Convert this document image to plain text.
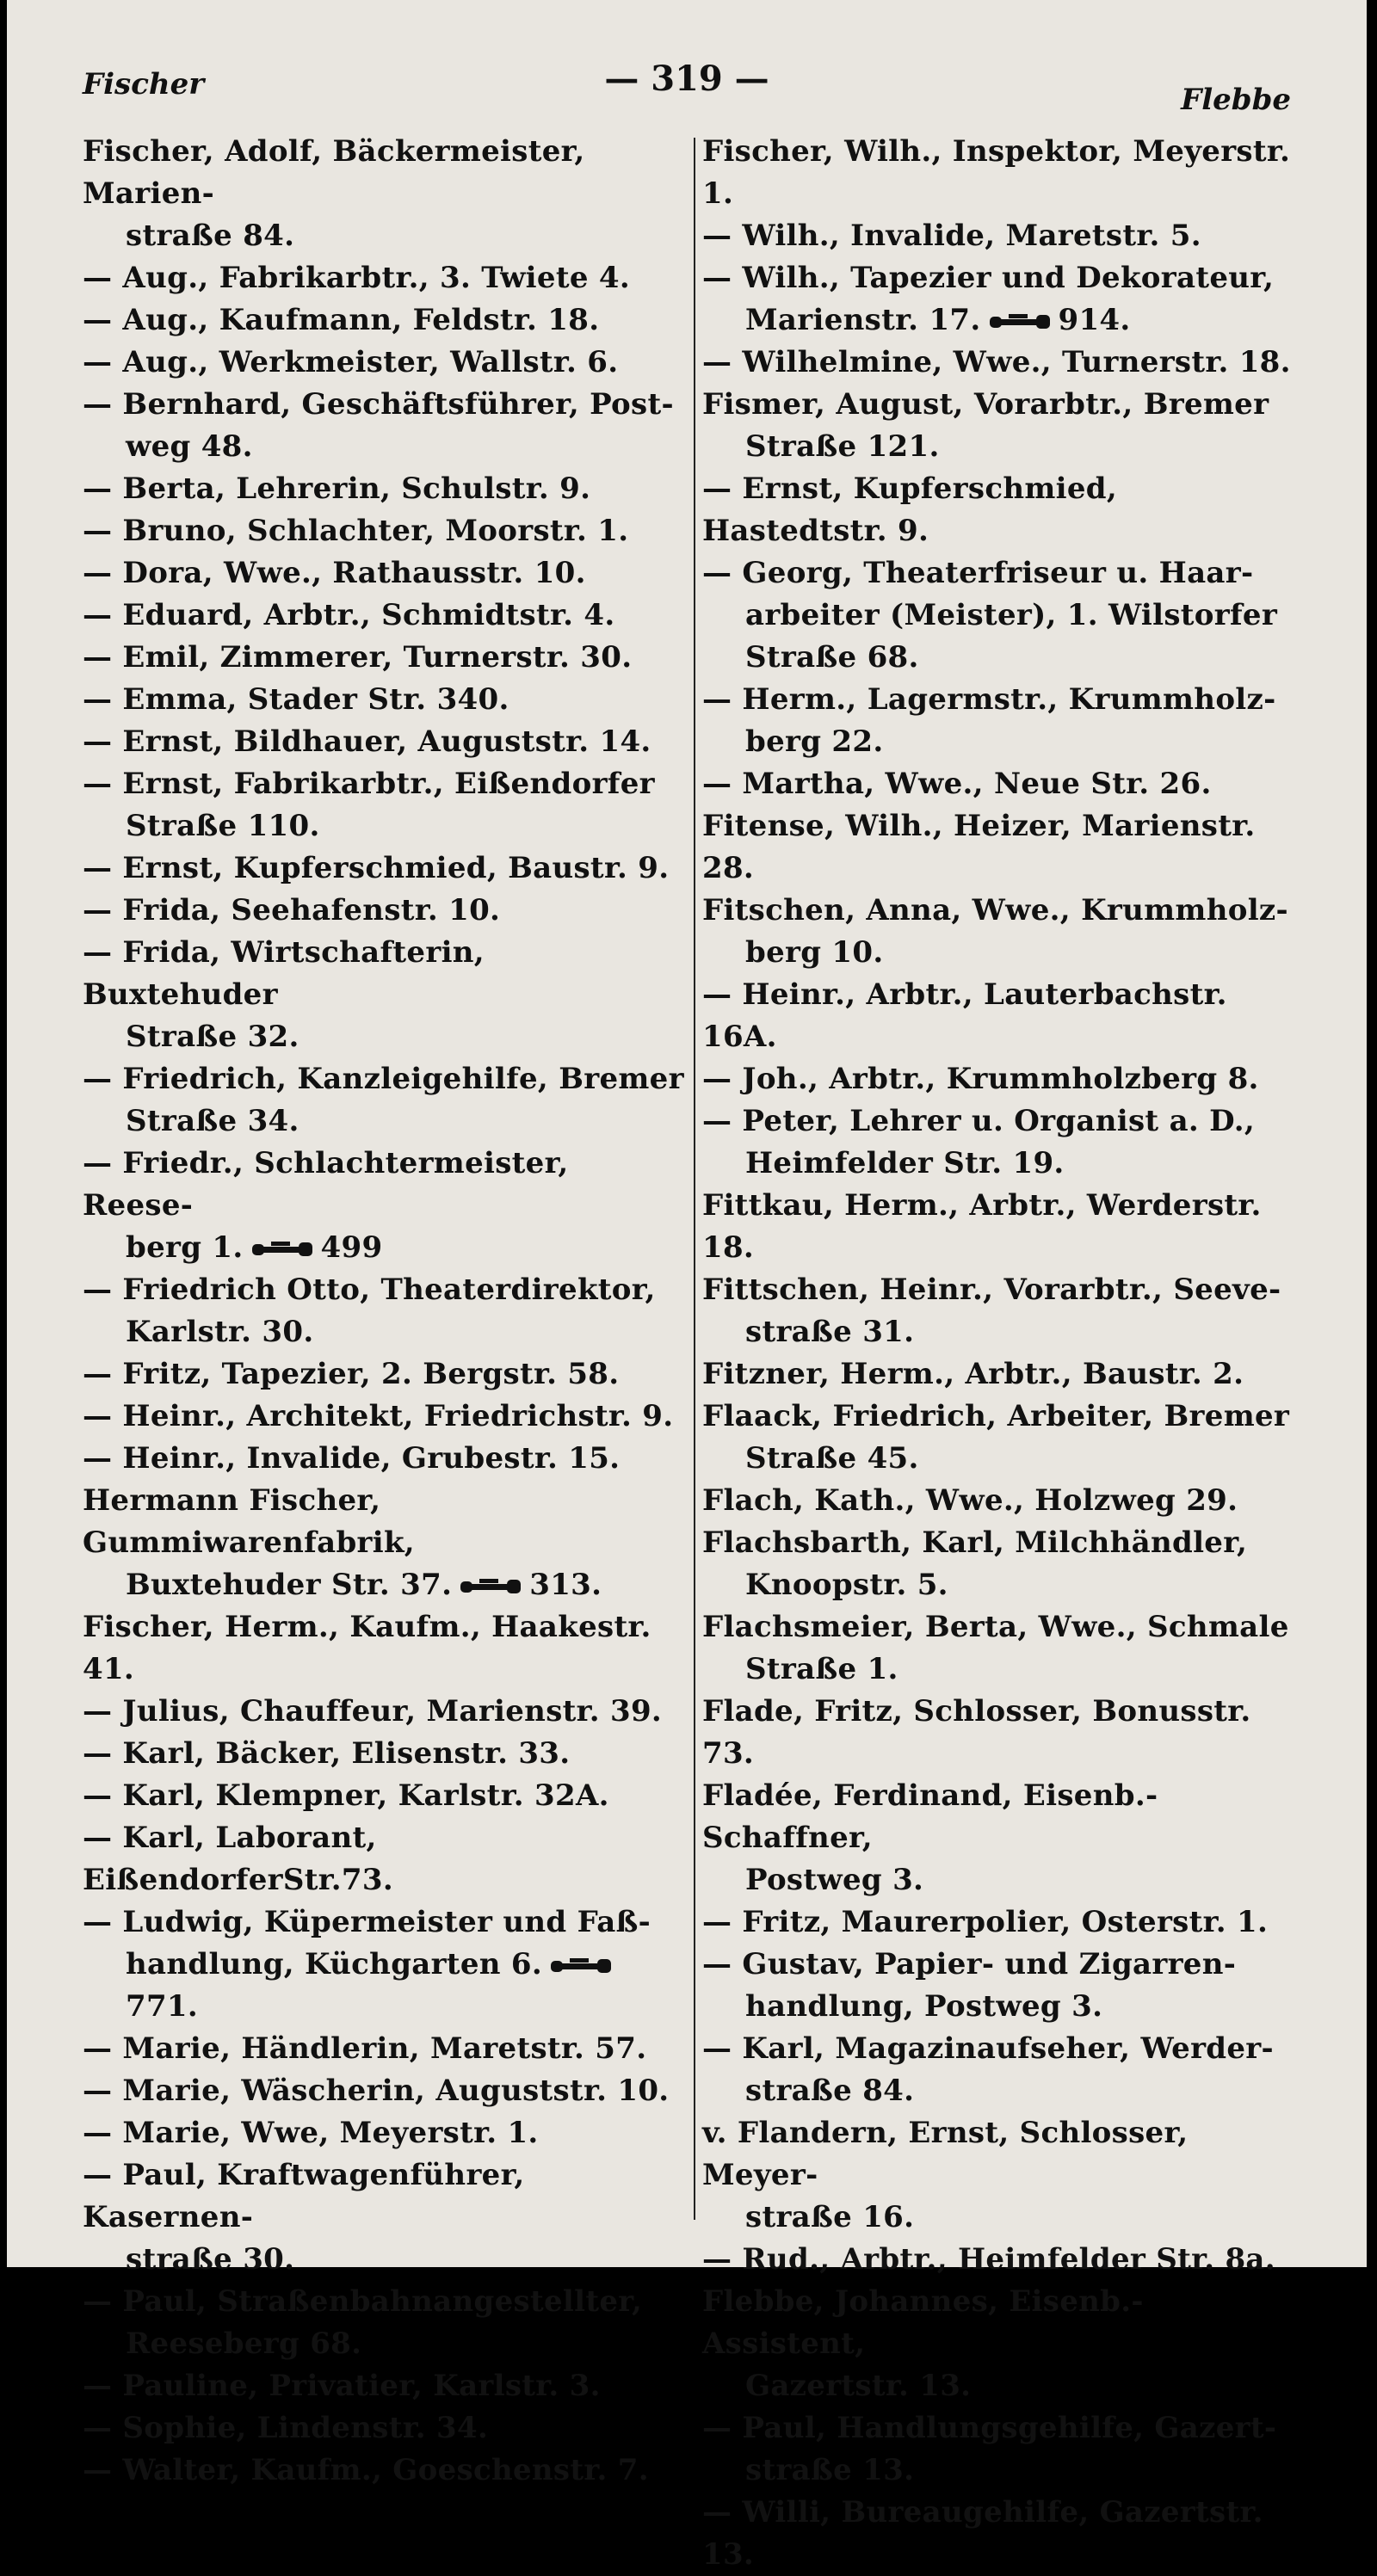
Fischer	— 319 —
Flebbe
Fischer, Adolf, Bäckermeister, Marien-
straße 84.
— Aug., Fabrikarbtr., 3. Twiete 4.
— Aug., Kaufmann, Feldstr. 18.
— Aug., Werkmeister, Wallstr. 6.
— Bernhard, Geschäftsführer, Post-
weg 48.
— Berta, Lehrerin, Schulstr. 9.
— Bruno, Schlachter, Moorstr. 1.
— Dora, Wwe., Rathausstr. 10.
— Eduard, Arbtr., Schmidtstr. 4.
— Emil, Zimmerer, Turnerstr. 30.
— Emma, Stader Str. 340.
— Ernst, Bildhauer, Auguststr. 14.
— Ernst, Fabrikarbtr., Eißendorfer
Straße 110.
— Ernst, Kupferschmied, Baustr. 9.
— Frida, Seehafenstr. 10.
— Frida, Wirtschafterin, Buxtehuder
Straße 32.
— Friedrich, Kanzleigehilfe, Bremer
Straße 34.
— Friedr., Schlachtermeister, Reese-
berg 1.	499
— Friedrich Otto, Theaterdirektor,
Karlstr. 30.
— Fritz, Tapezier, 2. Bergstr. 58.
— Heinr., Architekt, Friedrichstr. 9.
— Heinr., Invalide, Grubestr. 15.
Hermann Fischer, Gummiwarenfabrik,
Buxtehuder Str. 37.	313.
Fischer, Herm., Kaufm., Haakestr. 41.
— Julius, Chauffeur, Marienstr. 39.
— Karl, Bäcker, Elisenstr. 33.
— Karl, Klempner, Karlstr. 32A.
— Karl, Laborant, EißendorferStr.73.
— Ludwig, Küpermeister und Faß-
handlung, Küchgarten 6.771.
— Marie, Händlerin, Maretstr. 57.
— Marie, Wäscherin, Auguststr. 10.
— Marie, Wwe, Meyerstr. 1.
— Paul, Kraftwagenführer, Kasernen-
straße 30.
— Paul, Straßenbahnangestellter,
Reeseberg 68.
— Pauline, Privatier, Karlstr. 3.
— Sophie, Lindenstr. 34.
— Walter, Kaufm., Goeschenstr. 7.
Fischer, Wilh., Inspektor, Meyerstr. 1.
— Wilh., Invalide, Maretstr. 5.
— Wilh., Tapezier und Dekorateur,
Marienstr. 17.	914.
— Wilhelmine, Wwe., Turnerstr. 18.
Fismer, August, Vorarbtr., Bremer
Straße 121.
— Ernst, Kupferschmied, Hastedtstr. 9.
— Georg, Theaterfriseur u. Haar-
arbeiter (Meister), 1. Wilstorfer
Straße 68.
— Herm., Lagermstr., Krummholz-
berg 22.
— Martha, Wwe., Neue Str. 26.
Fitense, Wilh., Heizer, Marienstr. 28.
Fitschen, Anna, Wwe., Krummholz-
berg 10.
— Heinr., Arbtr., Lauterbachstr. 16A.
— Joh., Arbtr., Krummholzberg 8.
— Peter, Lehrer u. Organist a. D.,
Heimfelder Str. 19.
Fittkau, Herm., Arbtr., Werderstr. 18.
Fittschen, Heinr., Vorarbtr., Seeve-
straße 31.
Fitzner, Herm., Arbtr., Baustr. 2.
Flaack, Friedrich, Arbeiter, Bremer
Straße 45.
Flach, Kath., Wwe., Holzweg 29.
Flachsbarth, Karl, Milchhändler,
Knoopstr. 5.
Flachsmeier, Berta, Wwe., Schmale
Straße 1.
Flade, Fritz, Schlosser, Bonusstr. 73.
Fladée, Ferdinand, Eisenb.-Schaffner,
Postweg 3.
— Fritz, Maurerpolier, Osterstr. 1.
— Gustav, Papier- und Zigarren-
handlung, Postweg 3.
— Karl, Magazinaufseher, Werder-
straße 84.
v. Flandern, Ernst, Schlosser, Meyer-
straße 16.
— Rud., Arbtr., Heimfelder Str. 8a.
Flebbe, Johannes, Eisenb.-Assistent,
Gazertstr. 13.
— Paul, Handlungsgehilfe, Gazert-
straße 13.
— Willi, Bureaugehilfe, Gazertstr. 13.
